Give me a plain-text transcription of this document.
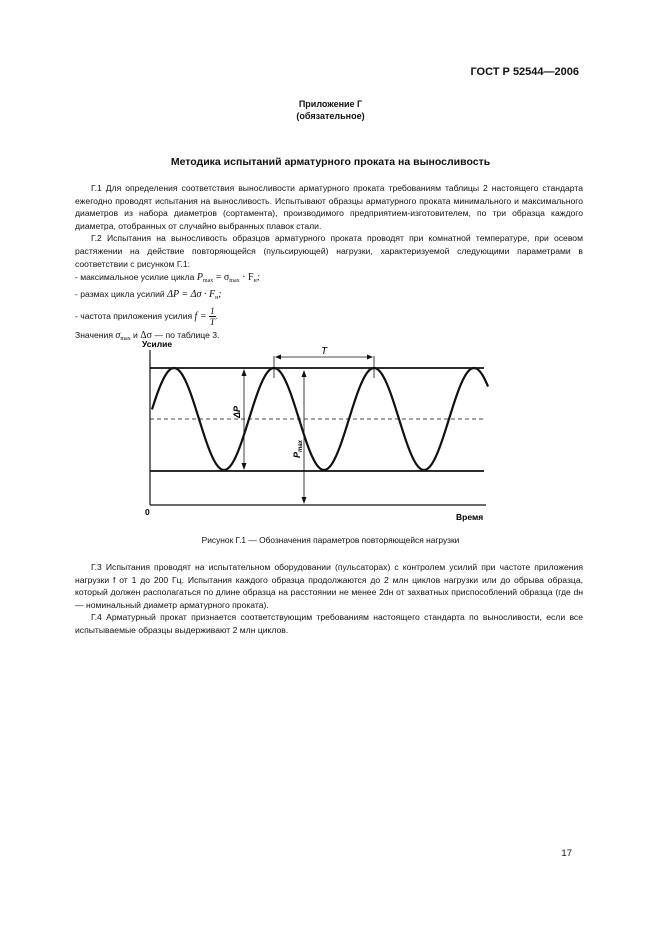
ГОСТ Р 52544—2006
Приложение Г
(обязательное)
Методика испытаний арматурного проката на выносливость

Г.1 Для определения соответствия выносливости арматурного проката требованиям таблицы 2 настоящего стандарта ежегодно проводят испытания на выносливость. Испытывают образцы арматурного проката минимального и максимального диаметров из набора диаметров (сортамента), производимого предприятием-изготовителем, по три образца каждого диаметра, отобранных от случайно выбранных плавок стали.

Г.2 Испытания на выносливость образцов арматурного проката проводят при комнатной температуре, при осевом растяжении на действие повторяющейся (пульсирующей) нагрузки, характеризуемой следующими параметрами в соответствии с рисунком Г.1:

- максимальное усилие цикла $P_{max} = \sigma_{max} \cdot F_н$;
- размах цикла усилий $\Delta P = \Delta\sigma \cdot F_н$;
- частота приложения усилия $f = \frac{1}{T}$ .
Значения $\sigma_{max}$ и Δσ — по таблице 3.
T
ΔP
$P_{max}$
Усилие
Время
0
Рисунок Г.1 — Обозначения параметров повторяющейся нагрузки

Г.3 Испытания проводят на испытательном оборудовании (пульсаторах) с контролем усилий при частоте приложения нагрузки f от 1 до 200 Гц. Испытания каждого образца продолжаются до 2 млн циклов нагрузки или до обрыва образца, который должен располагаться по длине образца на расстоянии не менее 2dн от захватных приспособлений образца (где dн — номинальный диаметр арматурного проката).

Г.4 Арматурный прокат признается соответствующим требованиям настоящего стандарта по выносливости, если все испытываемые образцы выдерживают 2 млн циклов.

17
